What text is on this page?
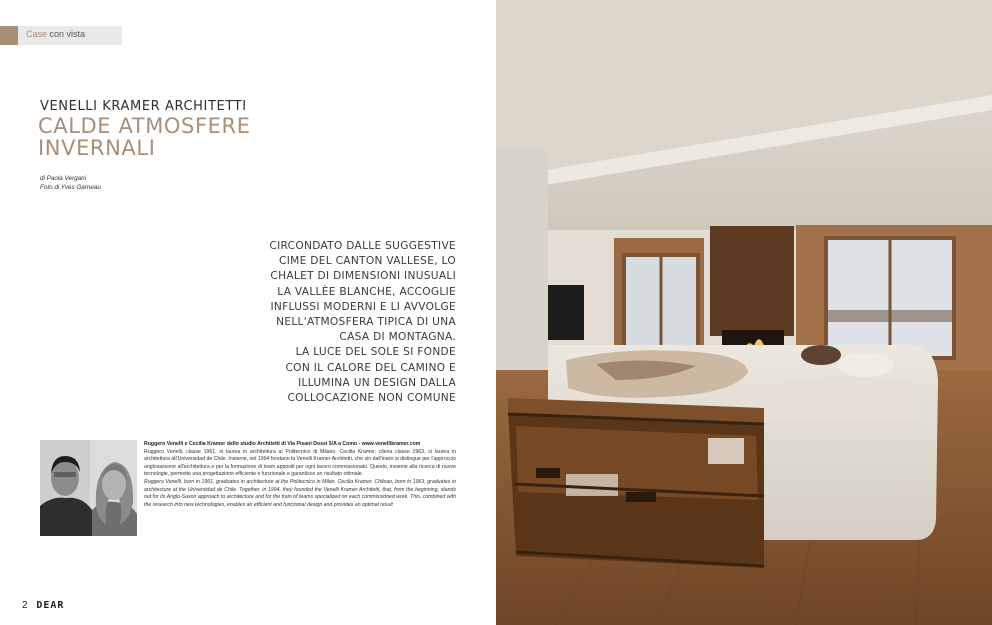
Case con vista
VENELLI KRAMER ARCHITETTI
CALDE ATMOSFERE
INVERNALI
di Paola Vergani
Foto di Yves Garneau
CIRCONDATO DALLE SUGGESTIVE
CIME DEL CANTON VALLESE, LO
CHALET DI DIMENSIONI INUSUALI
LA VALLÈE BLANCHE, ACCOGLIE
INFLUSSI MODERNI E LI AVVOLGE
NELL'ATMOSFERA TIPICA DI UNA
CASA DI MONTAGNA.
LA LUCE DEL SOLE SI FONDE
CON IL CALORE DEL CAMINO E
ILLUMINA UN DESIGN DALLA
COLLOCAZIONE NON COMUNE

Ruggero Venelli e Cecilia Kramer dello studio Architetti di Via Pisani Dossi 5/A a Como - www.venellikramer.com

Ruggero Venelli, classe 1961, si laurea in architettura al Politecnico di Milano. Cecilia Kramer, cilena classe 1963, si laurea in architettura all'Universidad de Chile. Insieme, nel 1994 fondano la Venelli Kramer Architetti, che sin dall'inizio si distingue per l'approccio anglosassone all'architettura e per la formazione di team appositi per ogni lavoro commissionato. Questo, insieme alla ricerca di nuove tecnologie, permette una progettazione efficiente e funzionale e garantisce un risultato ottimale.

Ruggero Venelli, born in 1961, graduates in architecture at the Politecnico in Milan. Cecilia Kramer, Chilean, born in 1963, graduates in architecture at the Universidad de Chile. Together, in 1994, they founded the Venelli Kramer Architetti, that, from the beginning, stands out for its Anglo-Saxon approach to architecture and for the train of teams specialized on each commissioned work. This, combined with the research into new technologies, enables an efficient and functional design and provides an optimal result

2 DEAR
